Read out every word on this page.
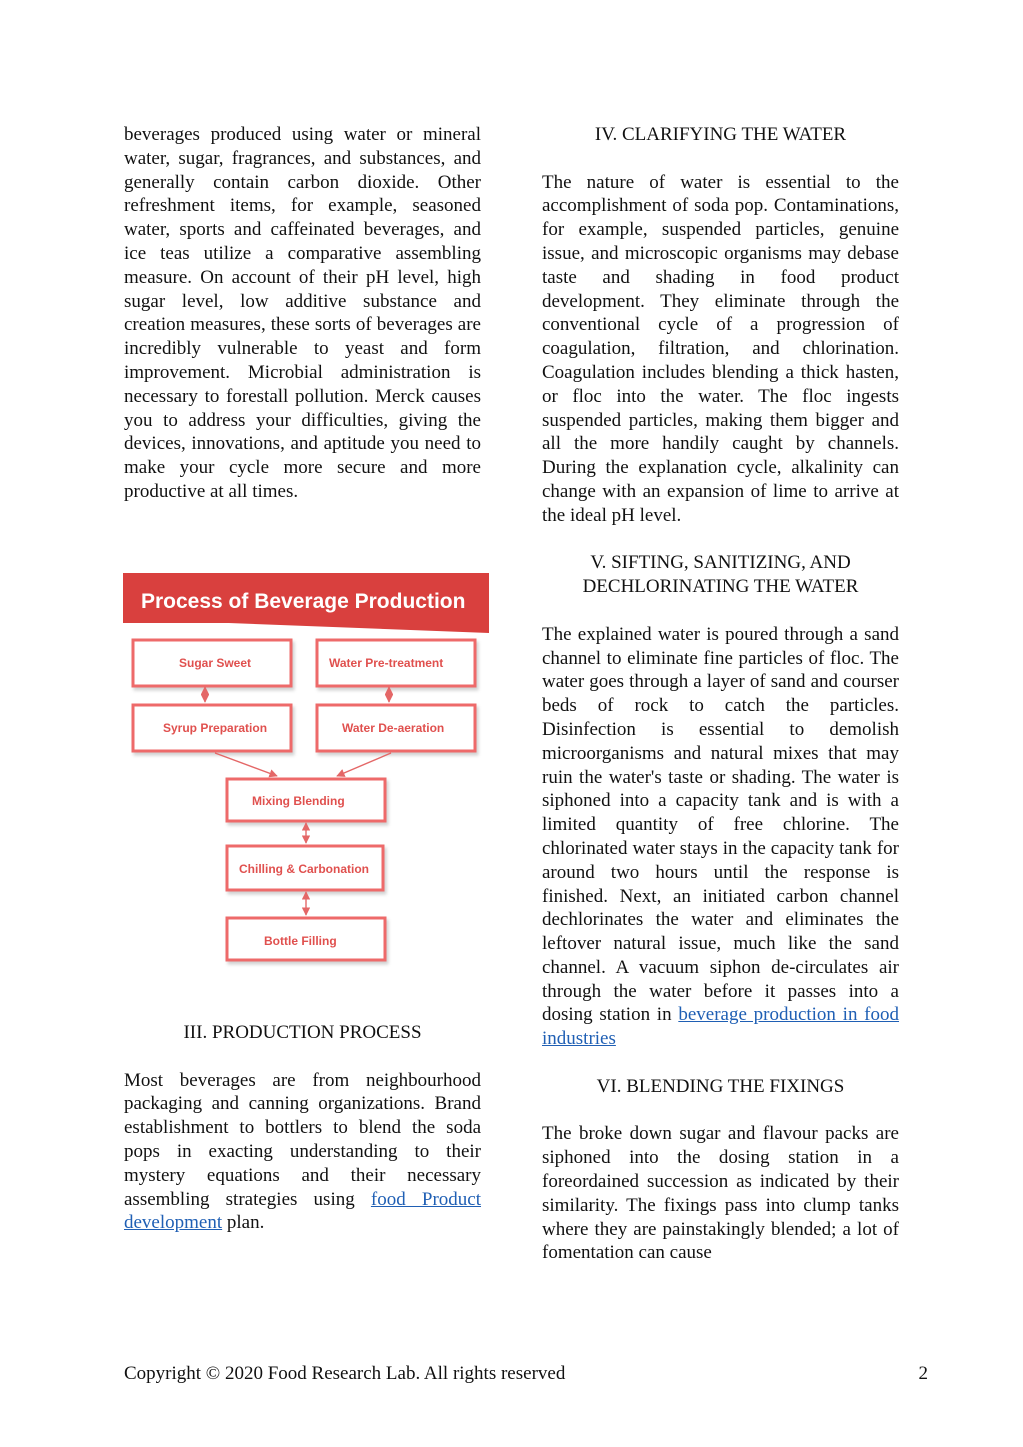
beverages produced using water or mineral water, sugar, fragrances, and substances, and generally contain carbon dioxide. Other refreshment items, for example, seasoned water, sports and caffeinated beverages, and ice teas utilize a comparative assembling measure. On account of their pH level, high sugar level, low additive substance and creation measures, these sorts of beverages are incredibly vulnerable to yeast and form improvement. Microbial administration is necessary to forestall pollution. Merck causes you to address your difficulties, giving the devices, innovations, and aptitude you need to make your cycle more secure and more productive at all times.

Process of Beverage Production
Sugar Sweet	Water Pre-treatment
Syrup Preparation	Water De-aeration
Mixing Blending
Chilling & Carbonation
Bottle Filling
III. PRODUCTION PROCESS

Most beverages are from neighbourhood packaging and canning organizations. Brand establishment to bottlers to blend the soda pops in exacting understanding to their mystery equations and their necessary assembling strategies using food Product development plan.

IV. CLARIFYING THE WATER

The nature of water is essential to the accomplishment of soda pop. Contaminations, for example, suspended particles, genuine issue, and microscopic organisms may debase taste and shading in food product development. They eliminate through the conventional cycle of a progression of coagulation, filtration, and chlorination. Coagulation includes blending a thick hasten, or floc into the water. The floc ingests suspended particles, making them bigger and all the more handily caught by channels. During the explanation cycle, alkalinity can change with an expansion of lime to arrive at the ideal pH level.

V. SIFTING, SANITIZING, AND
DECHLORINATING THE WATER

The explained water is poured through a sand channel to eliminate fine particles of floc. The water goes through a layer of sand and courser beds of rock to catch the particles. Disinfection is essential to demolish microorganisms and natural mixes that may ruin the water's taste or shading. The water is siphoned into a capacity tank and is with a limited quantity of free chlorine. The chlorinated water stays in the capacity tank for around two hours until the response is finished. Next, an initiated carbon channel dechlorinates the water and eliminates the leftover natural issue, much like the sand channel. A vacuum siphon de-circulates air through the water before it passes into a dosing station in beverage production in food industries

VI. BLENDING THE FIXINGS

The broke down sugar and flavour packs are siphoned into the dosing station in a foreordained succession as indicated by their similarity. The fixings pass into clump tanks where they are painstakingly blended; a lot of fomentation can cause

Copyright © 2020 Food Research Lab. All rights reserved	2
